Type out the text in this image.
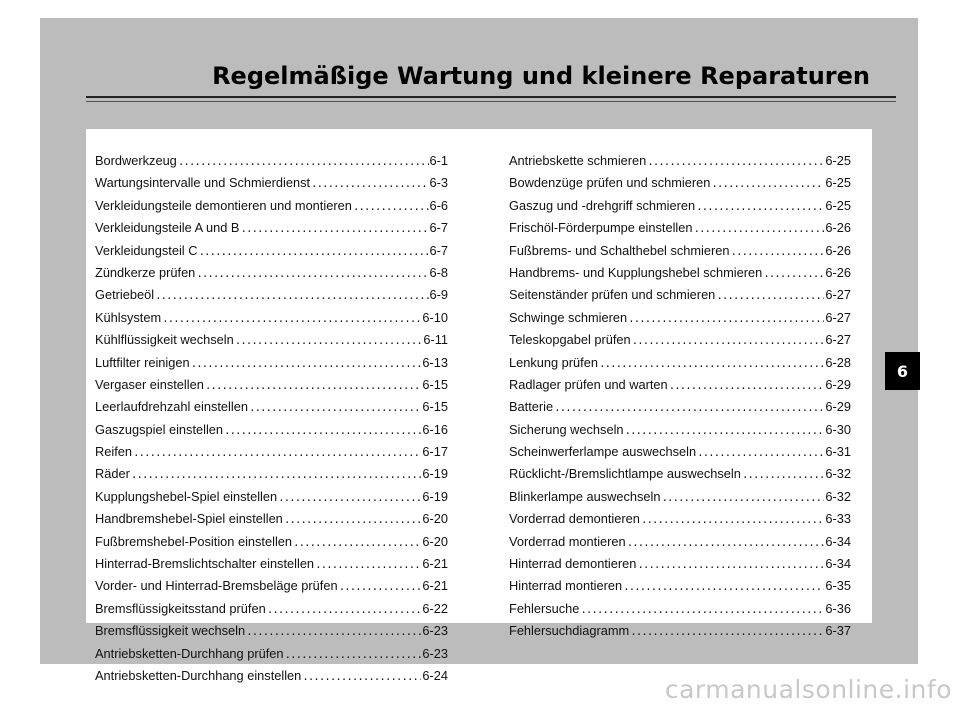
Regelmäßige Wartung und kleinere Reparaturen
Bordwerkzeug .....	6-1
Wartungsintervalle und Schmierdienst .....	6-3
Verkleidungsteile demontieren und montieren .....	6-6
Verkleidungsteile A und B .....	6-7
Verkleidungsteil C .....	6-7
Zündkerze prüfen .....	6-8
Getriebeöl .....	6-9
Kühlsystem .....	6-10
Kühlflüssigkeit wechseln .....	6-11
Luftfilter reinigen .....	6-13
Vergaser einstellen .....	6-15
Leerlaufdrehzahl einstellen .....	6-15
Gaszugspiel einstellen .....	6-16
Reifen .....	6-17
Räder .....	6-19
Kupplungshebel-Spiel einstellen .....	6-19
Handbremshebel-Spiel einstellen .....	6-20
Fußbremshebel-Position einstellen .....	6-20
Hinterrad-Bremslichtschalter einstellen .....	6-21
Vorder- und Hinterrad-Bremsbeläge prüfen .....	6-21
Bremsflüssigkeitsstand prüfen .....	6-22
Bremsflüssigkeit wechseln .....	6-23
Antriebsketten-Durchhang prüfen .....	6-23
Antriebsketten-Durchhang einstellen .....	6-24
Antriebskette schmieren .....	6-25
Bowdenzüge prüfen und schmieren .....	6-25
Gaszug und -drehgriff schmieren .....	6-25
Frischöl-Förderpumpe einstellen .....	6-26
Fußbrems- und Schalthebel schmieren .....	6-26
Handbrems- und Kupplungshebel schmieren .....	6-26
Seitenständer prüfen und schmieren .....	6-27
Schwinge schmieren .....	6-27
Teleskopgabel prüfen .....	6-27
Lenkung prüfen .....	6-28
Radlager prüfen und warten .....	6-29
Batterie .....	6-29
Sicherung wechseln .....	6-30
Scheinwerferlampe auswechseln .....	6-31
Rücklicht-/Bremslichtlampe auswechseln .....	6-32
Blinkerlampe auswechseln .....	6-32
Vorderrad demontieren .....	6-33
Vorderrad montieren .....	6-34
Hinterrad demontieren .....	6-34
Hinterrad montieren .....	6-35
Fehlersuche .....	6-36
Fehlersuchdiagramm .....	6-37
6
carmanualsonline.info
